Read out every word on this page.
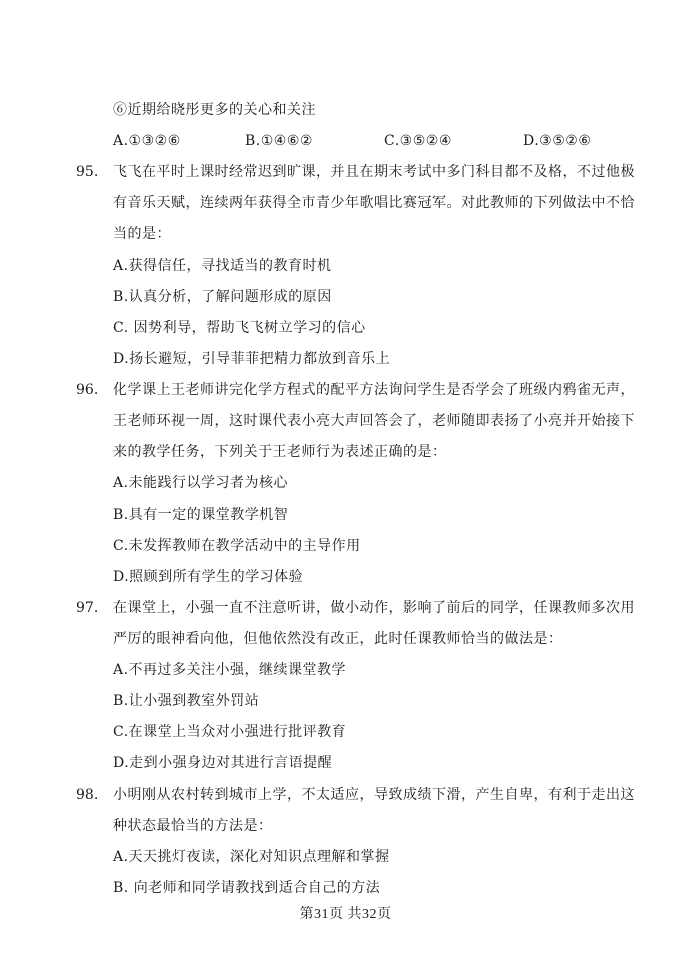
⑥近期给晓彤更多的关心和关注
A.①③②⑥	B.①④⑥②	C.③⑤②④	D.③⑤②⑥
95. 飞飞在平时上课时经常迟到旷课，并且在期末考试中多门科目都不及格，不过他极
有音乐天赋，连续两年获得全市青少年歌唱比赛冠军。对此教师的下列做法中不恰
当的是：
A.获得信任，寻找适当的教育时机
B.认真分析，了解问题形成的原因
C. 因势利导，帮助飞飞树立学习的信心
D.扬长避短，引导菲菲把精力都放到音乐上
96. 化学课上王老师讲完化学方程式的配平方法询问学生是否学会了班级内鸦雀无声，
王老师环视一周，这时课代表小亮大声回答会了，老师随即表扬了小亮并开始接下
来的教学任务，下列关于王老师行为表述正确的是：
A.未能践行以学习者为核心
B.具有一定的课堂教学机智
C.未发挥教师在教学活动中的主导作用
D.照顾到所有学生的学习体验
97. 在课堂上，小强一直不注意听讲，做小动作，影响了前后的同学，任课教师多次用
严厉的眼神看向他，但他依然没有改正，此时任课教师恰当的做法是：
A.不再过多关注小强，继续课堂教学
B.让小强到教室外罚站
C.在课堂上当众对小强进行批评教育
D.走到小强身边对其进行言语提醒
98. 小明刚从农村转到城市上学，不太适应，导致成绩下滑，产生自卑，有利于走出这
种状态最恰当的方法是：
A.天天挑灯夜读，深化对知识点理解和掌握
B. 向老师和同学请教找到适合自己的方法
第31页 共32页
